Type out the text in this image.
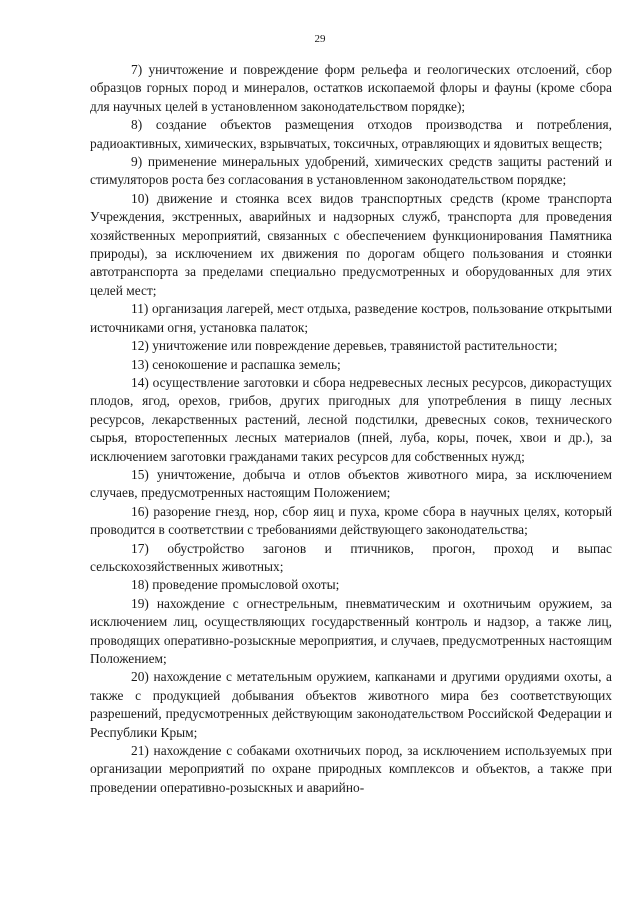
29

7) уничтожение и повреждение форм рельефа и геологических отслоений, сбор образцов горных пород и минералов, остатков ископаемой флоры и фауны (кроме сбора для научных целей в установленном законодательством порядке);

8) создание объектов размещения отходов производства и потребления, радиоактивных, химических, взрывчатых, токсичных, отравляющих и ядовитых веществ;

9) применение минеральных удобрений, химических средств защиты растений и стимуляторов роста без согласования в установленном законодательством порядке;

10) движение и стоянка всех видов транспортных средств (кроме транспорта Учреждения, экстренных, аварийных и надзорных служб, транспорта для проведения хозяйственных мероприятий, связанных с обеспечением функционирования Памятника природы), за исключением их движения по дорогам общего пользования и стоянки автотранспорта за пределами специально предусмотренных и оборудованных для этих целей мест;

11) организация лагерей, мест отдыха, разведение костров, пользование открытыми источниками огня, установка палаток;

12) уничтожение или повреждение деревьев, травянистой растительности;

13) сенокошение и распашка земель;

14) осуществление заготовки и сбора недревесных лесных ресурсов, дикорастущих плодов, ягод, орехов, грибов, других пригодных для употребления в пищу лесных ресурсов, лекарственных растений, лесной подстилки, древесных соков, технического сырья, второстепенных лесных материалов (пней, луба, коры, почек, хвои и др.), за исключением заготовки гражданами таких ресурсов для собственных нужд;

15) уничтожение, добыча и отлов объектов животного мира, за исключением случаев, предусмотренных настоящим Положением;

16) разорение гнезд, нор, сбор яиц и пуха, кроме сбора в научных целях, который проводится в соответствии с требованиями действующего законодательства;

17) обустройство загонов и птичников, прогон, проход и выпас сельскохозяйственных животных;

18) проведение промысловой охоты;

19) нахождение с огнестрельным, пневматическим и охотничьим оружием, за исключением лиц, осуществляющих государственный контроль и надзор, а также лиц, проводящих оперативно-розыскные мероприятия, и случаев, предусмотренных настоящим Положением;

20) нахождение с метательным оружием, капканами и другими орудиями охоты, а также с продукцией добывания объектов животного мира без соответствующих разрешений, предусмотренных действующим законодательством Российской Федерации и Республики Крым;

21) нахождение с собаками охотничьих пород, за исключением используемых при организации мероприятий по охране природных комплексов и объектов, а также при проведении оперативно-розыскных и аварийно-
